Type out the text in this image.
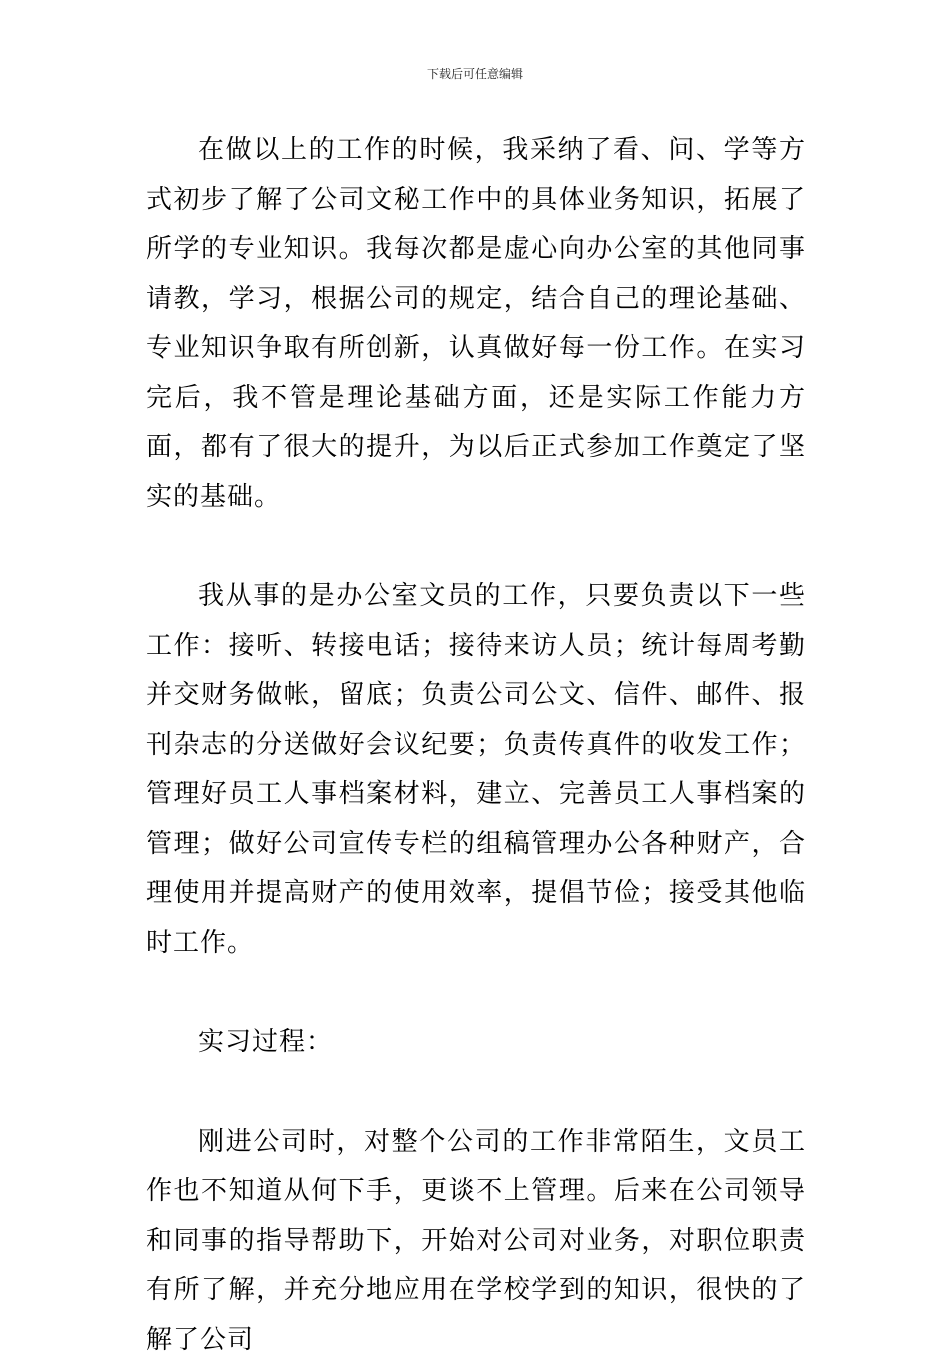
下载后可任意编辑

在做以上的工作的时候，我采纳了看、问、学等方式初步了解了公司文秘工作中的具体业务知识，拓展了所学的专业知识。我每次都是虚心向办公室的其他同事请教，学习，根据公司的规定，结合自己的理论基础、专业知识争取有所创新，认真做好每一份工作。在实习完后，我不管是理论基础方面，还是实际工作能力方面，都有了很大的提升，为以后正式参加工作奠定了坚实的基础。

我从事的是办公室文员的工作，只要负责以下一些工作：接听、转接电话；接待来访人员；统计每周考勤并交财务做帐，留底；负责公司公文、信件、邮件、报刊杂志的分送做好会议纪要；负责传真件的收发工作；管理好员工人事档案材料，建立、完善员工人事档案的管理；做好公司宣传专栏的组稿管理办公各种财产，合理使用并提高财产的使用效率，提倡节俭；接受其他临时工作。

实习过程：

刚进公司时，对整个公司的工作非常陌生，文员工作也不知道从何下手，更谈不上管理。后来在公司领导和同事的指导帮助下，开始对公司对业务，对职位职责有所了解，并充分地应用在学校学到的知识，很快的了解了公司
